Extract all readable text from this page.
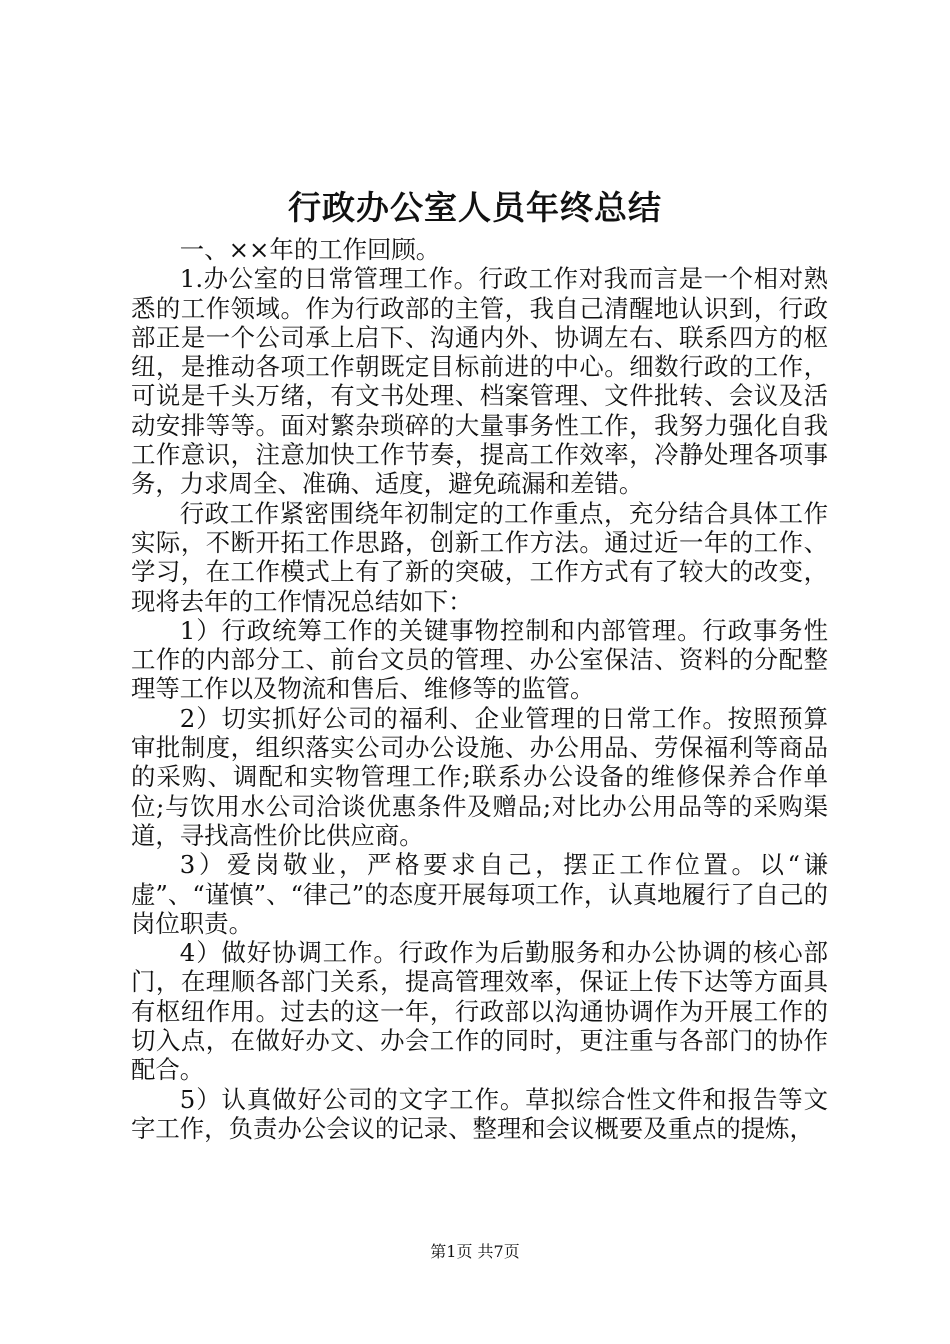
行政办公室人员年终总结

一、××年的工作回顾。

1.办公室的日常管理工作。行政工作对我而言是一个相对熟悉的工作领域。作为行政部的主管，我自己清醒地认识到，行政部正是一个公司承上启下、沟通内外、协调左右、联系四方的枢纽，是推动各项工作朝既定目标前进的中心。细数行政的工作，可说是千头万绪，有文书处理、档案管理、文件批转、会议及活动安排等等。面对繁杂琐碎的大量事务性工作，我努力强化自我工作意识，注意加快工作节奏，提高工作效率，冷静处理各项事务，力求周全、准确、适度，避免疏漏和差错。

行政工作紧密围绕年初制定的工作重点，充分结合具体工作实际，不断开拓工作思路，创新工作方法。通过近一年的工作、学习，在工作模式上有了新的突破，工作方式有了较大的改变，现将去年的工作情况总结如下：

1）行政统筹工作的关键事物控制和内部管理。行政事务性工作的内部分工、前台文员的管理、办公室保洁、资料的分配整理等工作以及物流和售后、维修等的监管。

2）切实抓好公司的福利、企业管理的日常工作。按照预算审批制度，组织落实公司办公设施、办公用品、劳保福利等商品的采购、调配和实物管理工作;联系办公设备的维修保养合作单位;与饮用水公司洽谈优惠条件及赠品;对比办公用品等的采购渠道，寻找高性价比供应商。

3）爱岗敬业，严格要求自己，摆正工作位置。以“谦虚”、“谨慎”、“律己”的态度开展每项工作，认真地履行了自己的岗位职责。

4）做好协调工作。行政作为后勤服务和办公协调的核心部门，在理顺各部门关系，提高管理效率，保证上传下达等方面具有枢纽作用。过去的这一年，行政部以沟通协调作为开展工作的切入点，在做好办文、办会工作的同时，更注重与各部门的协作配合。

5）认真做好公司的文字工作。草拟综合性文件和报告等文字工作，负责办公会议的记录、整理和会议概要及重点的提炼，

第1页 共7页
